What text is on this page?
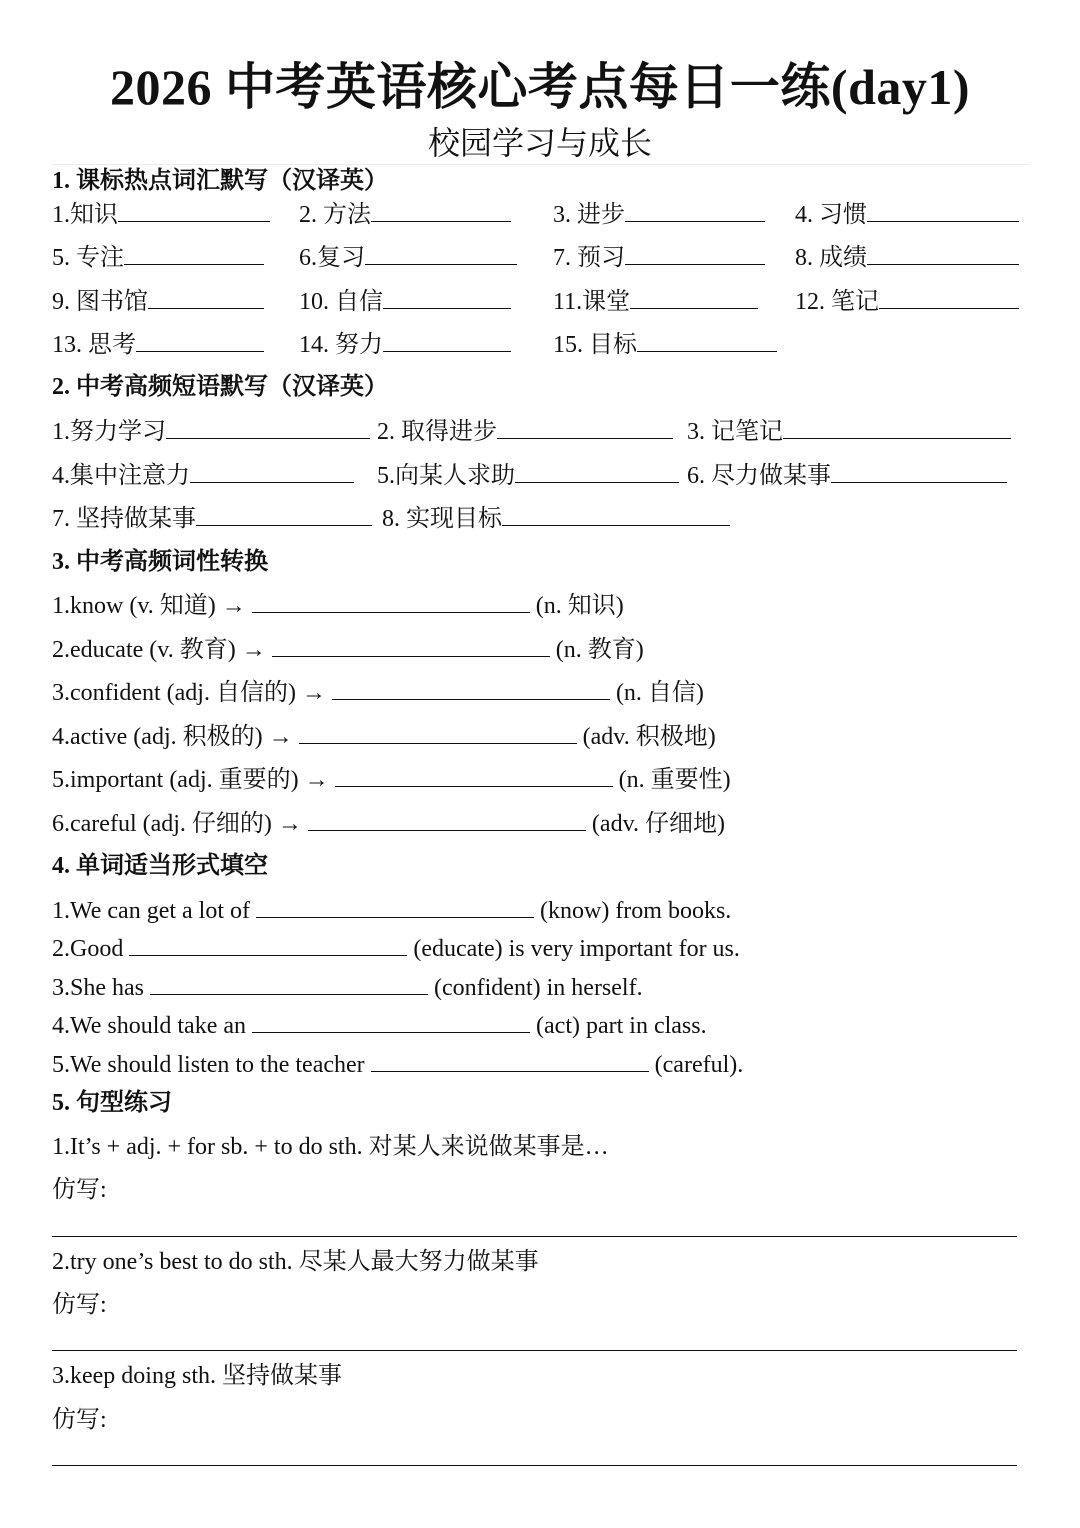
2026 中考英语核心考点每日一练(day1)
校园学习与成长
1. 课标热点词汇默写（汉译英）
1.知识	2. 方法	3. 进步	4. 习惯
5. 专注	6.复习	7. 预习	8. 成绩
9. 图书馆	10. 自信	11.课堂	12. 笔记
13. 思考	14. 努力	15. 目标
2. 中考高频短语默写（汉译英）
1.努力学习	2. 取得进步	3. 记笔记
4.集中注意力	5.向某人求助	6. 尽力做某事
7. 坚持做某事	8. 实现目标
3. 中考高频词性转换
1.know (v. 知道) →	(n. 知识)
2.educate (v. 教育) →	(n. 教育)
3.confident (adj. 自信的) →	(n. 自信)
4.active (adj. 积极的) →	(adv. 积极地)
5.important (adj. 重要的) →	(n. 重要性)
6.careful (adj. 仔细的) →	(adv. 仔细地)
4. 单词适当形式填空
1.We can get a lot of	(know) from books.
2.Good	(educate) is very important for us.
3.She has	(confident) in herself.
4.We should take an	(act) part in class.
5.We should listen to the teacher	(careful).
5. 句型练习
1.It’s + adj. + for sb. + to do sth. 对某人来说做某事是…
仿写:
2.try one’s best to do sth. 尽某人最大努力做某事
仿写:
3.keep doing sth. 坚持做某事
仿写:
